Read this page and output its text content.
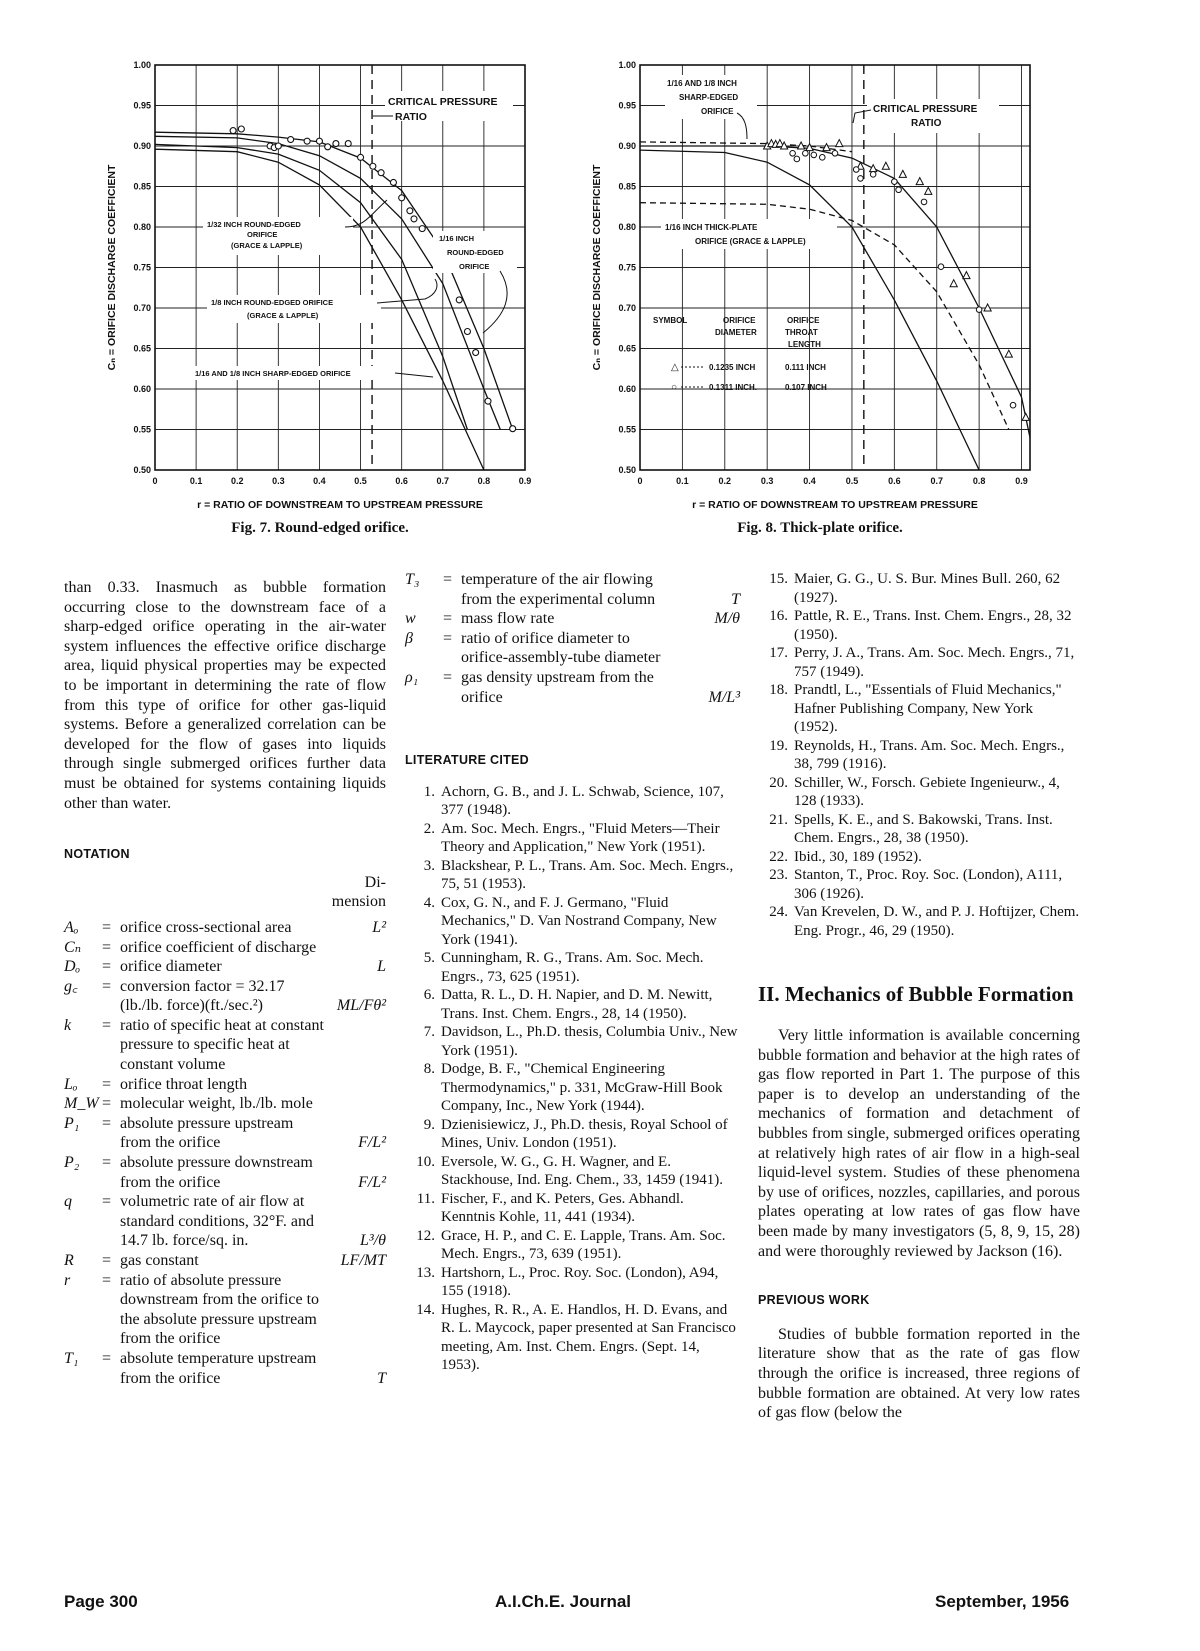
0	0.1	0.2	0.3	0.4	0.5	0.6	0.7	0.8	0.9
0.50
0.55
0.60
0.65
0.70
0.75
0.80
0.85
0.90
0.95
1.00
r = RATIO OF DOWNSTREAM TO UPSTREAM PRESSURE
Cₙ = ORIFICE DISCHARGE COEFFICIENT
CRITICAL PRESSURE
RATIO
1/32 INCH ROUND-EDGED
ORIFICE
(GRACE & LAPPLE)
1/16 INCH
ROUND-EDGED
ORIFICE
1/8 INCH ROUND-EDGED ORIFICE
(GRACE & LAPPLE)
1/16 AND 1/8 INCH SHARP-EDGED ORIFICE
Fig. 7. Round-edged orifice.
0	0.1	0.2	0.3	0.4	0.5	0.6	0.7	0.8	0.9
0.50
0.55
0.60
0.65
0.70
0.75
0.80
0.85
0.90
0.95
1.00
r = RATIO OF DOWNSTREAM TO UPSTREAM PRESSURE
Cₙ = ORIFICE DISCHARGE COEFFICIENT
1/16 AND 1/8 INCH
SHARP-EDGED
ORIFICE	CRITICAL PRESSURE
RATIO
1/16 INCH THICK-PLATE
ORIFICE (GRACE & LAPPLE)
SYMBOL	ORIFICE
DIAMETER
ORIFICE
THROAT
LENGTH
△	0.1235 INCH	0.111 INCH
○	0.1311 INCH.	0.107 INCH
Fig. 8. Thick-plate orifice.

than 0.33. Inasmuch as bubble formation occurring close to the downstream face of a sharp-edged orifice operating in the air-water system influences the effective orifice discharge area, liquid physical properties may be expected to be important in determining the rate of flow from this type of orifice for other gas-liquid systems. Before a generalized correlation can be developed for the flow of gases into liquids through single submerged orifices further data must be obtained for systems containing liquids other than water.

NOTATION

Di-
mension
Aₒ	= orifice cross-sectional area	L²
Cₙ	= orifice coefficient of discharge
Dₒ	= orifice diameter	L
g꜀	= conversion factor = 32.17 (lb./lb. force)(ft./sec.²)	ML/Fθ²
k	= ratio of specific heat at constant pressure to specific heat at constant volume
Lₒ	= orifice throat length
M_W = molecular weight, lb./lb. mole
P₁	= absolute pressure upstream from the orifice	F/L²
P₂	= absolute pressure downstream from the orifice	F/L²
q	= volumetric rate of air flow at standard conditions, 32°F. and 14.7 lb. force/sq. in.	L³/θ
R	= gas constant	LF/MT
r	= ratio of absolute pressure downstream from the orifice to the absolute pressure upstream from the orifice
T₁	= absolute temperature upstream from the orifice	T
T₃	= temperature of the air flowing from the experimental column	T
w	= mass flow rate	M/θ
β	= ratio of orifice diameter to orifice-assembly-tube diameter
ρ₁	= gas density upstream from the orifice	M/L³

LITERATURE CITED

1. Achorn, G. B., and J. L. Schwab, Science, 107, 377 (1948).
2. Am. Soc. Mech. Engrs., "Fluid Meters—Their Theory and Application," New York (1951).
3. Blackshear, P. L., Trans. Am. Soc. Mech. Engrs., 75, 51 (1953).
4. Cox, G. N., and F. J. Germano, "Fluid Mechanics," D. Van Nostrand Company, New York (1941).
5. Cunningham, R. G., Trans. Am. Soc. Mech. Engrs., 73, 625 (1951).
6. Datta, R. L., D. H. Napier, and D. M. Newitt, Trans. Inst. Chem. Engrs., 28, 14 (1950).
7. Davidson, L., Ph.D. thesis, Columbia Univ., New York (1951).
8. Dodge, B. F., "Chemical Engineering Thermodynamics," p. 331, McGraw-Hill Book Company, Inc., New York (1944).
9. Dzienisiewicz, J., Ph.D. thesis, Royal School of Mines, Univ. London (1951).
10. Eversole, W. G., G. H. Wagner, and E. Stackhouse, Ind. Eng. Chem., 33, 1459 (1941).
11. Fischer, F., and K. Peters, Ges. Abhandl. Kenntnis Kohle, 11, 441 (1934).
12. Grace, H. P., and C. E. Lapple, Trans. Am. Soc. Mech. Engrs., 73, 639 (1951).
13. Hartshorn, L., Proc. Roy. Soc. (London), A94, 155 (1918).
14. Hughes, R. R., A. E. Handlos, H. D. Evans, and R. L. Maycock, paper presented at San Francisco meeting, Am. Inst. Chem. Engrs. (Sept. 14, 1953).
15. Maier, G. G., U. S. Bur. Mines Bull. 260, 62 (1927).
16. Pattle, R. E., Trans. Inst. Chem. Engrs., 28, 32 (1950).
17. Perry, J. A., Trans. Am. Soc. Mech. Engrs., 71, 757 (1949).
18. Prandtl, L., "Essentials of Fluid Mechanics," Hafner Publishing Company, New York (1952).
19. Reynolds, H., Trans. Am. Soc. Mech. Engrs., 38, 799 (1916).
20. Schiller, W., Forsch. Gebiete Ingenieurw., 4, 128 (1933).
21. Spells, K. E., and S. Bakowski, Trans. Inst. Chem. Engrs., 28, 38 (1950).
22. Ibid., 30, 189 (1952).
23. Stanton, T., Proc. Roy. Soc. (London), A111, 306 (1926).
24. Van Krevelen, D. W., and P. J. Hoftijzer, Chem. Eng. Progr., 46, 29 (1950).

II. Mechanics of Bubble Formation

Very little information is available concerning bubble formation and behavior at the high rates of gas flow reported in Part 1. The purpose of this paper is to develop an understanding of the mechanics of formation and detachment of bubbles from single, submerged orifices operating at relatively high rates of air flow in a high-seal liquid-level system. Studies of these phenomena by use of orifices, nozzles, capillaries, and porous plates operating at low rates of gas flow have been made by many investigators (5, 8, 9, 15, 28) and were thoroughly reviewed by Jackson (16).

PREVIOUS WORK

Studies of bubble formation reported in the literature show that as the rate of gas flow through the orifice is increased, three regions of bubble formation are obtained. At very low rates of gas flow (below the

Page 300	A.I.Ch.E. Journal	September, 1956
